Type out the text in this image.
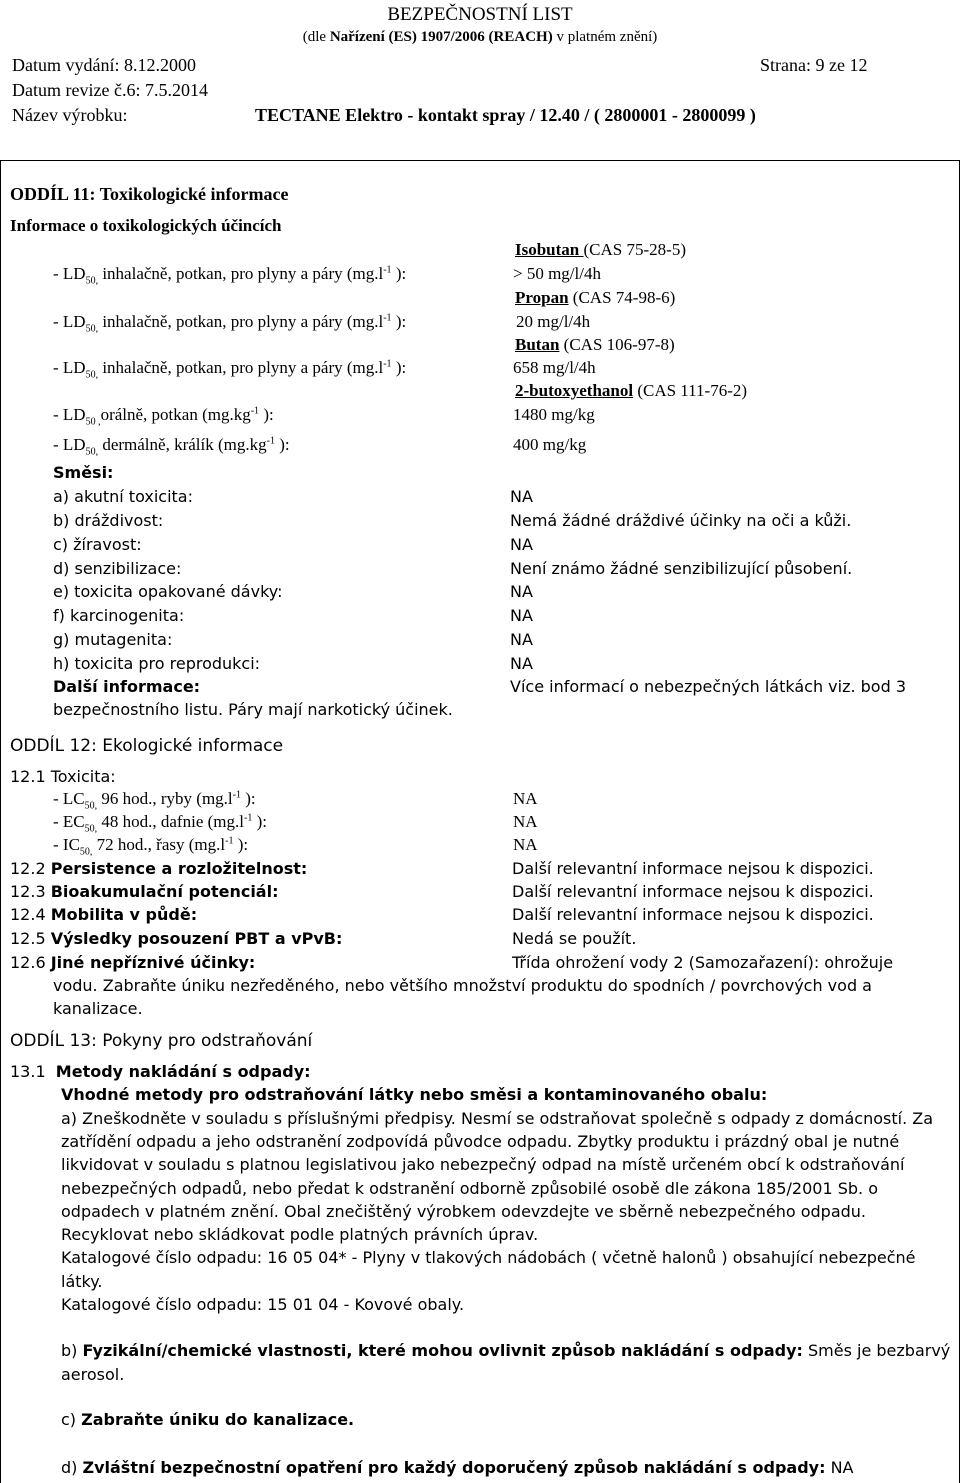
BEZPEČNOSTNÍ LIST
(dle Nařízení (ES) 1907/2006 (REACH) v platném znění)
Datum vydání: 8.12.2000	Strana: 9 ze 12
Datum revize č.6: 7.5.2014
Název výrobku:	TECTANE Elektro - kontakt spray / 12.40 / ( 2800001 - 2800099 )
ODDÍL 11: Toxikologické informace
Informace o toxikologických účincích
Isobutan (CAS 75-28-5)
- $LD_{50,}$ inhalačně, potkan, pro plyny a páry ($mg.l^{-1}$ ):	> 50 mg/l/4h
Propan (CAS 74-98-6)
- $LD_{50,}$ inhalačně, potkan, pro plyny a páry ($mg.l^{-1}$ ):	20 mg/l/4h
Butan (CAS 106-97-8)
- $LD_{50,}$ inhalačně, potkan, pro plyny a páry ($mg.l^{-1}$ ):	658 mg/l/4h
2-butoxyethanol (CAS 111-76-2)
- $LD_{50 ,}orá\ln ě$, potkan ($mg.kg^{-1}$ ):	1480 mg/kg
- $LD_{50,}$ dermálně, králík ($mg.kg^{-1}$ ):	400 mg/kg
Směsi:
a) akutní toxicita:	NA
b) dráždivost:	Nemá žádné dráždivé účinky na oči a kůži.
c) žíravost:	NA
d) senzibilizace:	Není známo žádné senzibilizující působení.
e) toxicita opakované dávky:	NA
f) karcinogenita:	NA
g) mutagenita:	NA
h) toxicita pro reprodukci:	NA
Další informace:	Více informací o nebezpečných látkách viz. bod 3
bezpečnostního listu. Páry mají narkotický účinek.
ODDÍL 12: Ekologické informace
12.1 Toxicita:
- $LC_{50,}$ 96 hod., ryby ($mg.l^{-1}$ ):	NA
- $EC_{50,}$ 48 hod., dafnie ($mg.l^{-1}$ ):	NA
- $IC_{50,}$ 72 hod., řasy ($mg.l^{-1}$ ):	NA
12.2 Persistence a rozložitelnost:	Další relevantní informace nejsou k dispozici.
12.3 Bioakumulační potenciál:	Další relevantní informace nejsou k dispozici.
12.4 Mobilita v půdě:	Další relevantní informace nejsou k dispozici.
12.5 Výsledky posouzení PBT a vPvB:	Nedá se použít.
12.6 Jiné nepříznivé účinky:	Třída ohrožení vody 2 (Samozařazení): ohrožuje
vodu. Zabraňte úniku nezředěného, nebo většího množství produktu do spodních / povrchových vod a
kanalizace.
ODDÍL 13: Pokyny pro odstraňování
13.1 Metody nakládání s odpady:
Vhodné metody pro odstraňování látky nebo směsi a kontaminovaného obalu:
a) Zneškodněte v souladu s příslušnými předpisy. Nesmí se odstraňovat společně s odpady z domácností. Za
zatřídění odpadu a jeho odstranění zodpovídá původce odpadu. Zbytky produktu i prázdný obal je nutné
likvidovat v souladu s platnou legislativou jako nebezpečný odpad na místě určeném obcí k odstraňování
nebezpečných odpadů, nebo předat k odstranění odborně způsobilé osobě dle zákona 185/2001 Sb. o
odpadech v platném znění. Obal znečištěný výrobkem odevzdejte ve sběrně nebezpečného odpadu.
Recyklovat nebo skládkovat podle platných právních úprav.
Katalogové číslo odpadu: 16 05 04* - Plyny v tlakových nádobách ( včetně halonů ) obsahující nebezpečné
látky.
Katalogové číslo odpadu: 15 01 04 - Kovové obaly.
b) Fyzikální/chemické vlastnosti, které mohou ovlivnit způsob nakládání s odpady: Směs je bezbarvý
aerosol.
c) Zabraňte úniku do kanalizace.
d) Zvláštní bezpečnostní opatření pro každý doporučený způsob nakládání s odpady: NA
